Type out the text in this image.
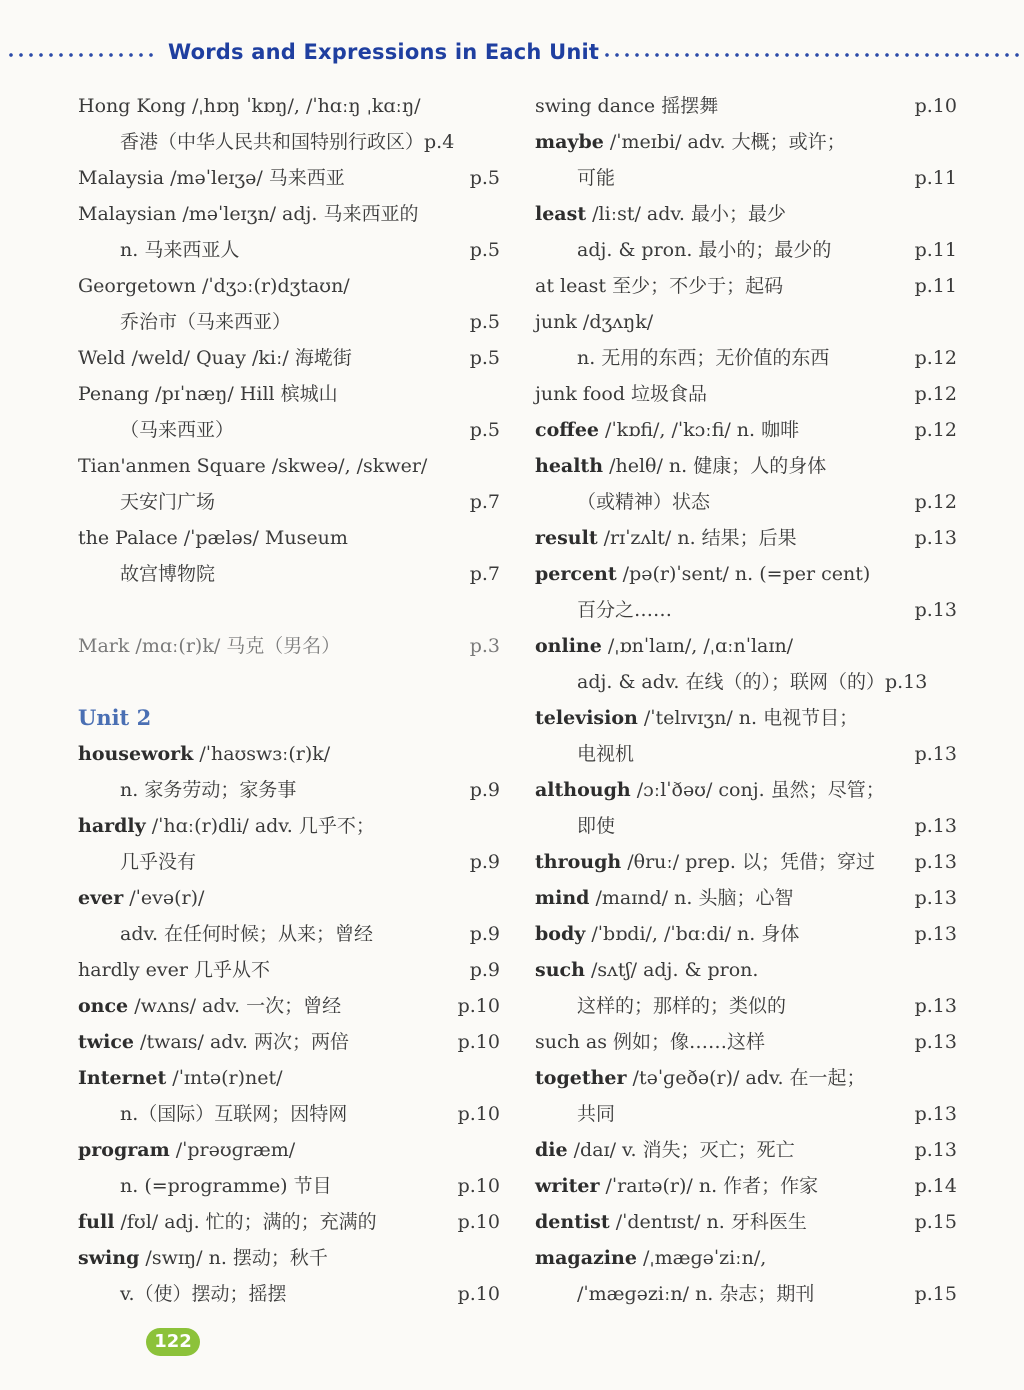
Words and Expressions in Each Unit
Hong Kong /ˌhɒŋ ˈkɒŋ/, /ˈhɑːŋ ˌkɑːŋ/
香港（中华人民共和国特别行政区）p.4
Malaysia /məˈleɪʒə/ 马来西亚	p.5
Malaysian /məˈleɪʒn/ adj. 马来西亚的
n. 马来西亚人	p.5
Georgetown /ˈdʒɔː(r)dʒtaʊn/
乔治市（马来西亚）	p.5
Weld /weld/ Quay /kiː/ 海墘街	p.5
Penang /pɪˈnæŋ/ Hill 槟城山
（马来西亚）	p.5
Tian'anmen Square /skweə/, /skwer/
天安门广场	p.7
the Palace /ˈpæləs/ Museum
故宫博物院	p.7
Mark /mɑː(r)k/ 马克（男名）	p.3
Unit 2
housework /ˈhaʊswɜː(r)k/
n. 家务劳动；家务事	p.9
hardly /ˈhɑː(r)dli/ adv. 几乎不；
几乎没有	p.9
ever /ˈevə(r)/
adv. 在任何时候；从来；曾经	p.9
hardly ever 几乎从不	p.9
once /wʌns/ adv. 一次；曾经	p.10
twice /twaɪs/ adv. 两次；两倍	p.10
Internet /ˈɪntə(r)net/
n.（国际）互联网；因特网	p.10
program /ˈprəʊɡræm/
n. (=programme) 节目	p.10
full /fʊl/ adj. 忙的；满的；充满的	p.10
swing /swɪŋ/ n. 摆动；秋千
v.（使）摆动；摇摆	p.10
swing dance 摇摆舞	p.10
maybe /ˈmeɪbi/ adv. 大概；或许；
可能	p.11
least /liːst/ adv. 最小；最少
adj. & pron. 最小的；最少的	p.11
at least 至少；不少于；起码	p.11
junk /dʒʌŋk/
n. 无用的东西；无价值的东西	p.12
junk food 垃圾食品	p.12
coffee /ˈkɒfi/, /ˈkɔːfi/ n. 咖啡	p.12
health /helθ/ n. 健康；人的身体
（或精神）状态	p.12
result /rɪˈzʌlt/ n. 结果；后果	p.13
percent /pə(r)ˈsent/ n. (=per cent)
百分之……	p.13
online /ˌɒnˈlaɪn/, /ˌɑːnˈlaɪn/
adj. & adv. 在线（的）；联网（的）p.13
television /ˈtelɪvɪʒn/ n. 电视节目；
电视机	p.13
although /ɔːlˈðəʊ/ conj. 虽然；尽管；
即使	p.13
through /θruː/ prep. 以；凭借；穿过 p.13
mind /maɪnd/ n. 头脑；心智	p.13
body /ˈbɒdi/, /ˈbɑːdi/ n. 身体	p.13
such /sʌtʃ/ adj. & pron.
这样的；那样的；类似的	p.13
such as 例如；像……这样	p.13
together /təˈɡeðə(r)/ adv. 在一起；
共同	p.13
die /daɪ/ v. 消失；灭亡；死亡	p.13
writer /ˈraɪtə(r)/ n. 作者；作家	p.14
dentist /ˈdentɪst/ n. 牙科医生	p.15
magazine /ˌmæɡəˈziːn/,
/ˈmæɡəziːn/ n. 杂志；期刊	p.15
122
